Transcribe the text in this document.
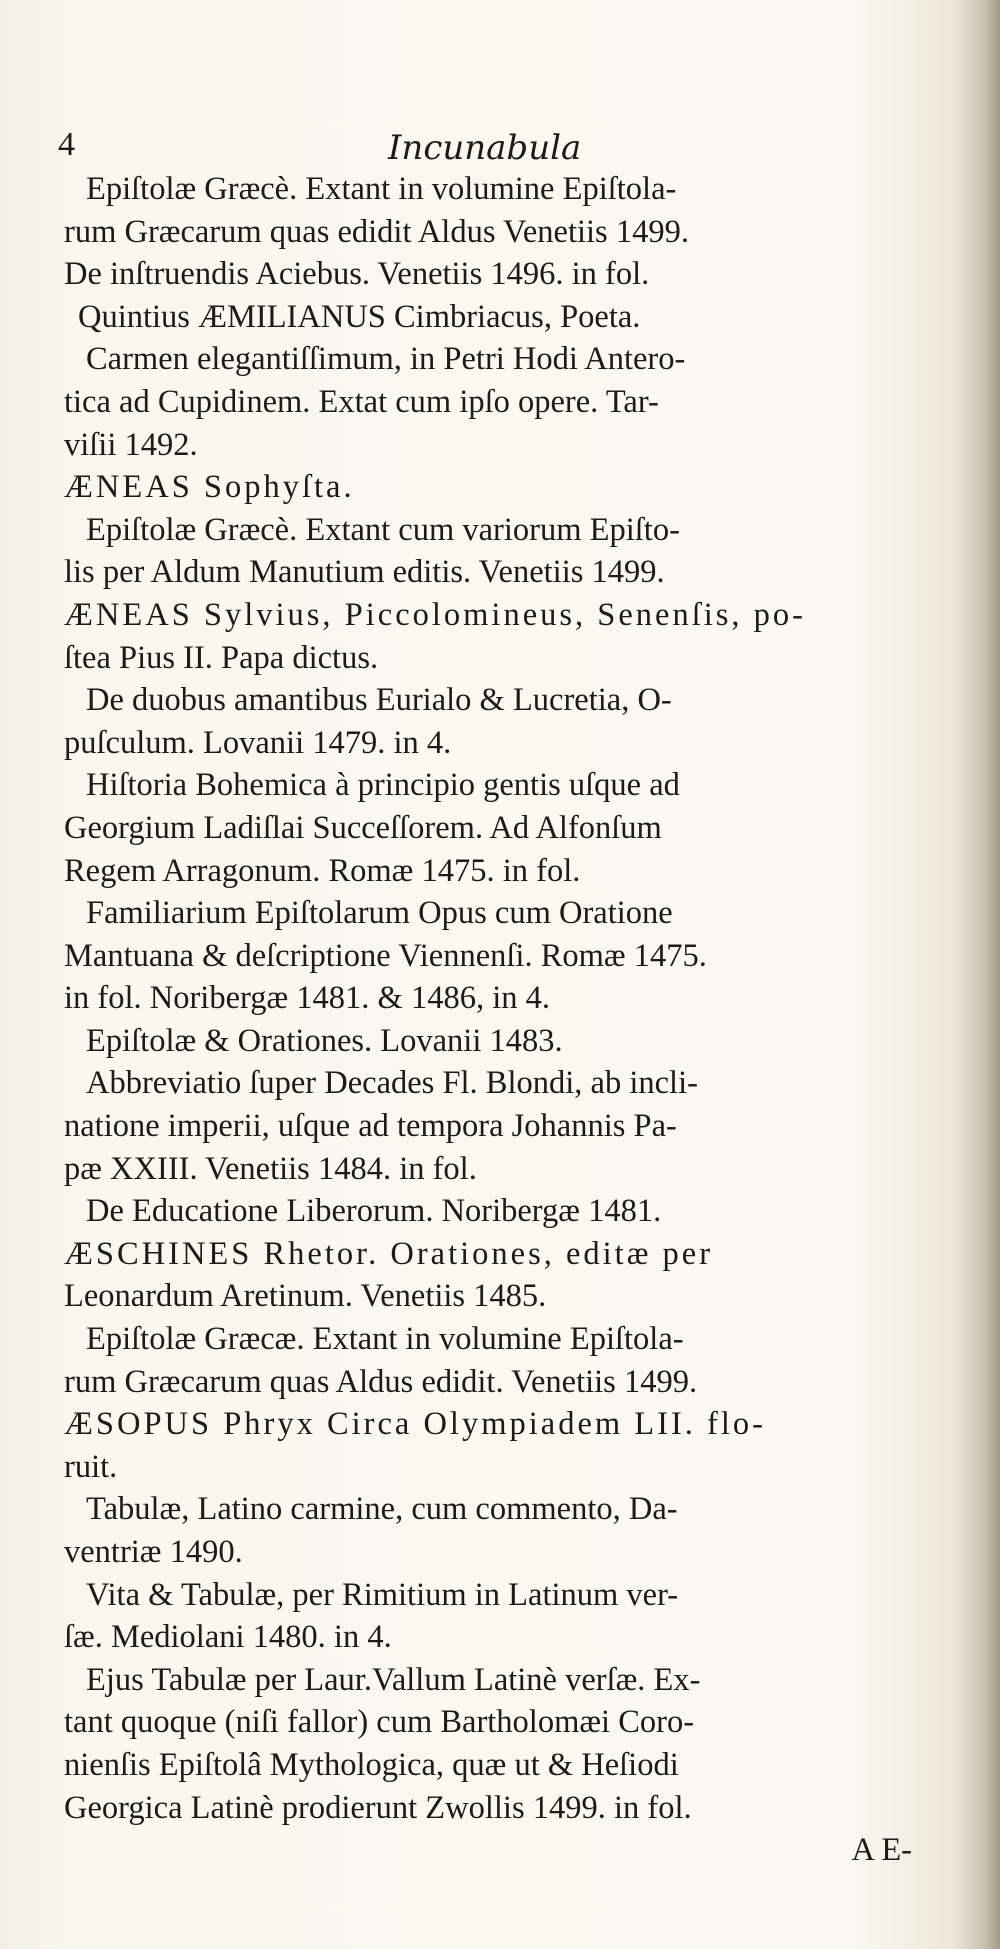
4	Incunabula
Epiſtolæ Græcè. Extant in volumine Epiſtola-
rum Græcarum quas edidit Aldus Venetiis 1499.
De inſtruendis Aciebus. Venetiis 1496. in fol.
Quintius ÆMILIANUS Cimbriacus, Poeta.
Carmen elegantiſſimum, in Petri Hodi Antero-
tica ad Cupidinem. Extat cum ipſo opere. Tar-
viſii 1492.
ÆNEAS Sophyſta.
Epiſtolæ Græcè. Extant cum variorum Epiſto-
lis per Aldum Manutium editis. Venetiis 1499.
ÆNEAS Sylvius, Piccolomineus, Senenſis, po-
ſtea Pius II. Papa dictus.
De duobus amantibus Eurialo & Lucretia, O-
puſculum. Lovanii 1479. in 4.
Hiſtoria Bohemica à principio gentis uſque ad
Georgium Ladiſlai Succeſſorem. Ad Alfonſum
Regem Arragonum. Romæ 1475. in fol.
Familiarium Epiſtolarum Opus cum Oratione
Mantuana & deſcriptione Viennenſi. Romæ 1475.
in fol. Noribergæ 1481. & 1486, in 4.
Epiſtolæ & Orationes. Lovanii 1483.
Abbreviatio ſuper Decades Fl. Blondi, ab incli-
natione imperii, uſque ad tempora Johannis Pa-
pæ XXIII. Venetiis 1484. in fol.
De Educatione Liberorum. Noribergæ 1481.
ÆSCHINES Rhetor. Orationes, editæ per
Leonardum Aretinum. Venetiis 1485.
Epiſtolæ Græcæ. Extant in volumine Epiſtola-
rum Græcarum quas Aldus edidit. Venetiis 1499.
ÆSOPUS Phryx Circa Olympiadem LII. flo-
ruit.
Tabulæ, Latino carmine, cum commento, Da-
ventriæ 1490.
Vita & Tabulæ, per Rimitium in Latinum ver-
ſæ. Mediolani 1480. in 4.
Ejus Tabulæ per Laur.Vallum Latinè verſæ. Ex-
tant quoque (niſi fallor) cum Bartholomæi Coro-
nienſis Epiſtolâ Mythologica, quæ ut & Heſiodi
Georgica Latinè prodierunt Zwollis 1499. in fol.
A E-
